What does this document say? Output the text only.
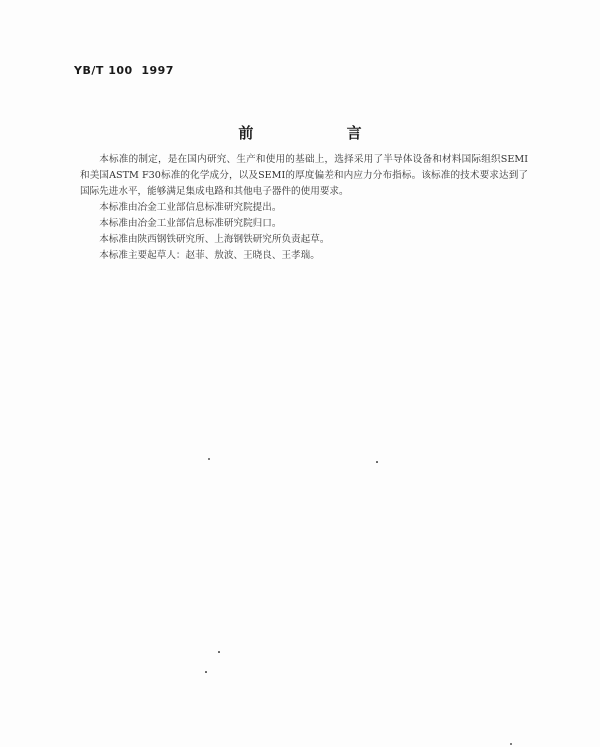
YB/T 100  1997
前 言

本标准的制定，是在国内研究、生产和使用的基础上，选择采用了半导体设备和材料国际组织SEMI和美国ASTM F30标准的化学成分，以及SEMI的厚度偏差和内应力分布指标。该标准的技术要求达到了国际先进水平，能够满足集成电路和其他电子器件的使用要求。

本标准由冶金工业部信息标准研究院提出。

本标准由冶金工业部信息标准研究院归口。

本标准由陕西钢铁研究所、上海钢铁研究所负责起草。

本标准主要起草人：赵菲、敖波、王晓良、王孝瑞。
